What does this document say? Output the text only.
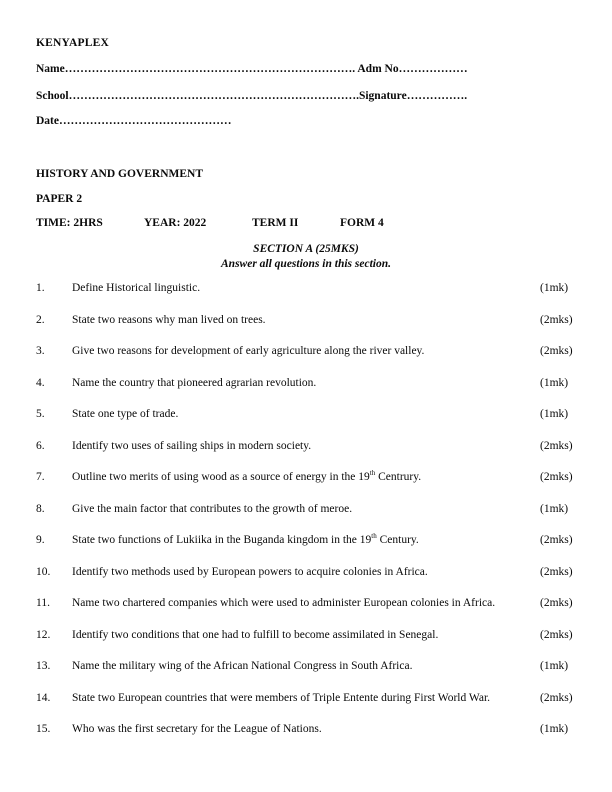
KENYAPLEX
Name…………………………………………………………………. Adm No………………
School………………………………………………………………….Signature…………….
Date………………………………………
HISTORY AND GOVERNMENT
PAPER 2
TIME: 2HRS	YEAR: 2022	TERM II	FORM 4
SECTION A (25MKS)
Answer all questions in this section.
1.	Define Historical linguistic.	(1mk)
2.	State two reasons why man lived on trees.	(2mks)
3.	Give two reasons for development of early agriculture along the river valley.	(2mks)
4.	Name the country that pioneered agrarian revolution.	(1mk)
5.	State one type of trade.	(1mk)
6.	Identify two uses of sailing ships in modern society.	(2mks)
7.	Outline two merits of using wood as a source of energy in the 19th Centrury.	(2mks)
8.	Give the main factor that contributes to the growth of meroe.	(1mk)
9.	State two functions of Lukiika in the Buganda kingdom in the 19th Century.	(2mks)
10.	Identify two methods used by European powers to acquire colonies in Africa.	(2mks)
11.	Name two chartered companies which were used to administer European colonies in Africa.	(2mks)
12.	Identify two conditions that one had to fulfill to become assimilated in Senegal.	(2mks)
13.	Name the military wing of the African National Congress in South Africa.	(1mk)
14.	State two European countries that were members of Triple Entente during First World War.	(2mks)
15.	Who was the first secretary for the League of Nations.	(1mk)
